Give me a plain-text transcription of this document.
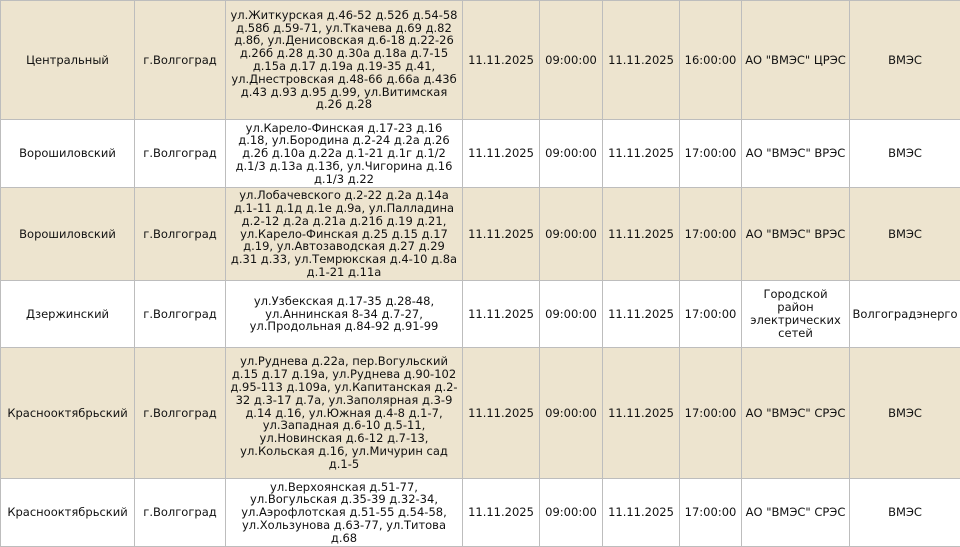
Центральный	г.Волгоград	ул.Житкурская д.46-52 д.52б д.54-58 д.58б д.59-71, ул.Ткачева д.69 д.82 д.8б, ул.Денисовская д.6-18 д.22-26 д.26б д.28 д.30 д.30а д.18а д.7-15 д.15а д.17 д.19а д.19-35 д.41, ул.Днестровская д.48-66 д.66а д.43б д.43 д.93 д.95 д.99, ул.Витимская д.26 д.28	11.11.2025	09:00:00	11.11.2025	16:00:00	АО "ВМЭС" ЦРЭС	ВМЭС
Ворошиловский	г.Волгоград	ул.Карело-Финская д.17-23 д.16 д.18, ул.Бородина д.2-24 д.2а д.26 д.2б д.10а д.22а д.1-21 д.1г д.1/2 д.1/3 д.13а д.13б, ул.Чигорина д.16 д.1/3 д.22	11.11.2025	09:00:00	11.11.2025	17:00:00	АО "ВМЭС" ВРЭС	ВМЭС
Ворошиловский	г.Волгоград	ул.Лобачевского д.2-22 д.2а д.14а д.1-11 д.1д д.1е д.9а, ул.Палладина д.2-12 д.2а д.21а д.21б д.19 д.21, ул.Карело-Финская д.25 д.15 д.17 д.19, ул.Автозаводская д.27 д.29 д.31 д.33, ул.Темрюкская д.4-10 д.8а д.1-21 д.11а	11.11.2025	09:00:00	11.11.2025	17:00:00	АО "ВМЭС" ВРЭС	ВМЭС
Дзержинский	г.Волгоград	ул.Узбекская д.17-35 д.28-48, ул.Аннинская 8-34 д.7-27, ул.Продольная д.84-92 д.91-99	11.11.2025	09:00:00	11.11.2025	17:00:00	Городской район электрических сетей	Волгоградэнерго
Краснооктябрьский	г.Волгоград	ул.Руднева д.22а, пер.Вогульский д.15 д.17 д.19а, ул.Руднева д.90-102 д.95-113 д.109а, ул.Капитанская д.2-32 д.3-17 д.7а, ул.Заполярная д.3-9 д.14 д.16, ул.Южная д.4-8 д.1-7, ул.Западная д.6-10 д.5-11, ул.Новинская д.6-12 д.7-13, ул.Кольская д.16, ул.Мичурин сад д.1-5	11.11.2025	09:00:00	11.11.2025	17:00:00	АО "ВМЭС" СРЭС	ВМЭС
Краснооктябрьский	г.Волгоград	ул.Верхоянская д.51-77, ул.Вогульская д.35-39 д.32-34, ул.Аэрофлотская д.51-55 д.54-58, ул.Хользунова д.63-77, ул.Титова д.68	11.11.2025	09:00:00	11.11.2025	17:00:00	АО "ВМЭС" СРЭС	ВМЭС
